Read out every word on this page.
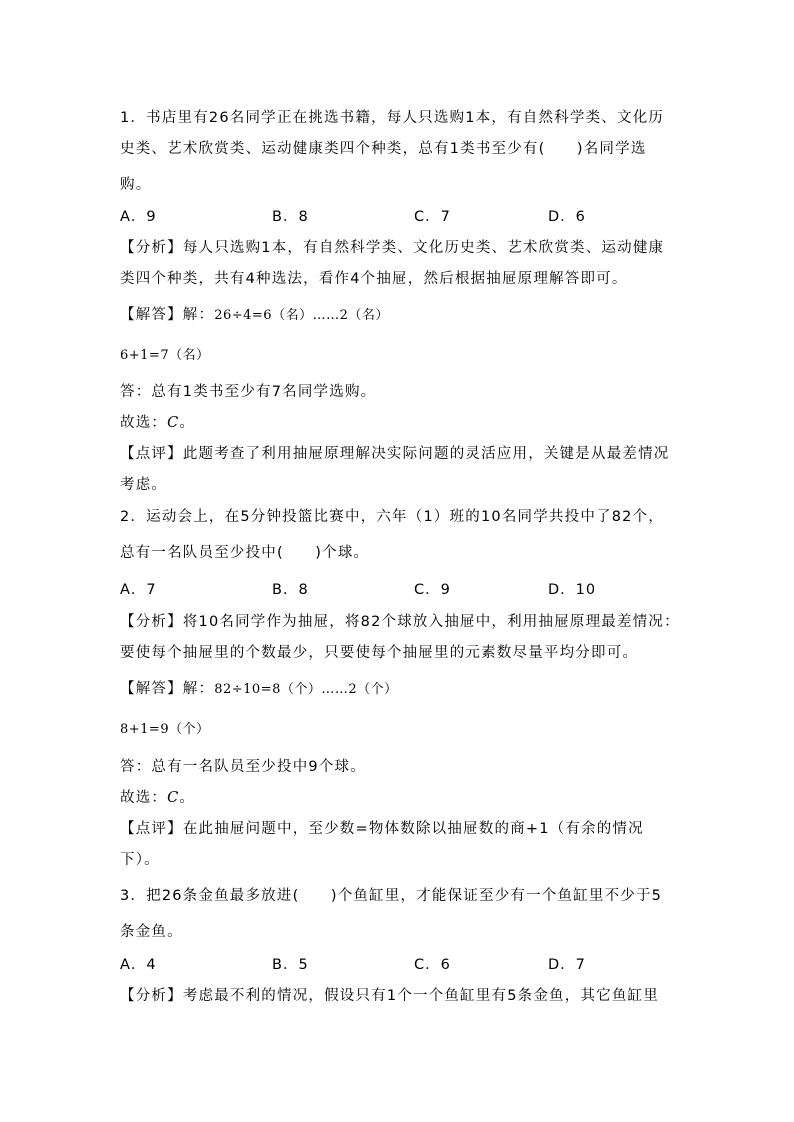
1．书店里有26名同学正在挑选书籍，每人只选购1本，有自然科学类、文化历
史类、艺术欣赏类、运动健康类四个种类，总有1类书至少有(　　)名同学选
购。
A．9	B．8	C．7	D．6
【分析】每人只选购1本，有自然科学类、文化历史类、艺术欣赏类、运动健康
类四个种类，共有4种选法，看作4个抽屉，然后根据抽屉原理解答即可。
【解答】解：26÷4=6（名）……2（名）
6+1=7（名）
答：总有1类书至少有7名同学选购。
故选：C。
【点评】此题考查了利用抽屉原理解决实际问题的灵活应用，关键是从最差情况
考虑。
2．运动会上，在5分钟投篮比赛中，六年（1）班的10名同学共投中了82个，
总有一名队员至少投中(　　)个球。
A．7	B．8	C．9	D．10
【分析】将10名同学作为抽屉，将82个球放入抽屉中，利用抽屉原理最差情况：
要使每个抽屉里的个数最少，只要使每个抽屉里的元素数尽量平均分即可。
【解答】解：82÷10=8（个）……2（个）
8+1=9（个）
答：总有一名队员至少投中9个球。
故选：C。
【点评】在此抽屉问题中，至少数=物体数除以抽屉数的商+1（有余的情况
下）。
3．把26条金鱼最多放进(　　)个鱼缸里，才能保证至少有一个鱼缸里不少于5
条金鱼。
A．4	B．5	C．6	D．7
【分析】考虑最不利的情况，假设只有1个一个鱼缸里有5条金鱼，其它鱼缸里
